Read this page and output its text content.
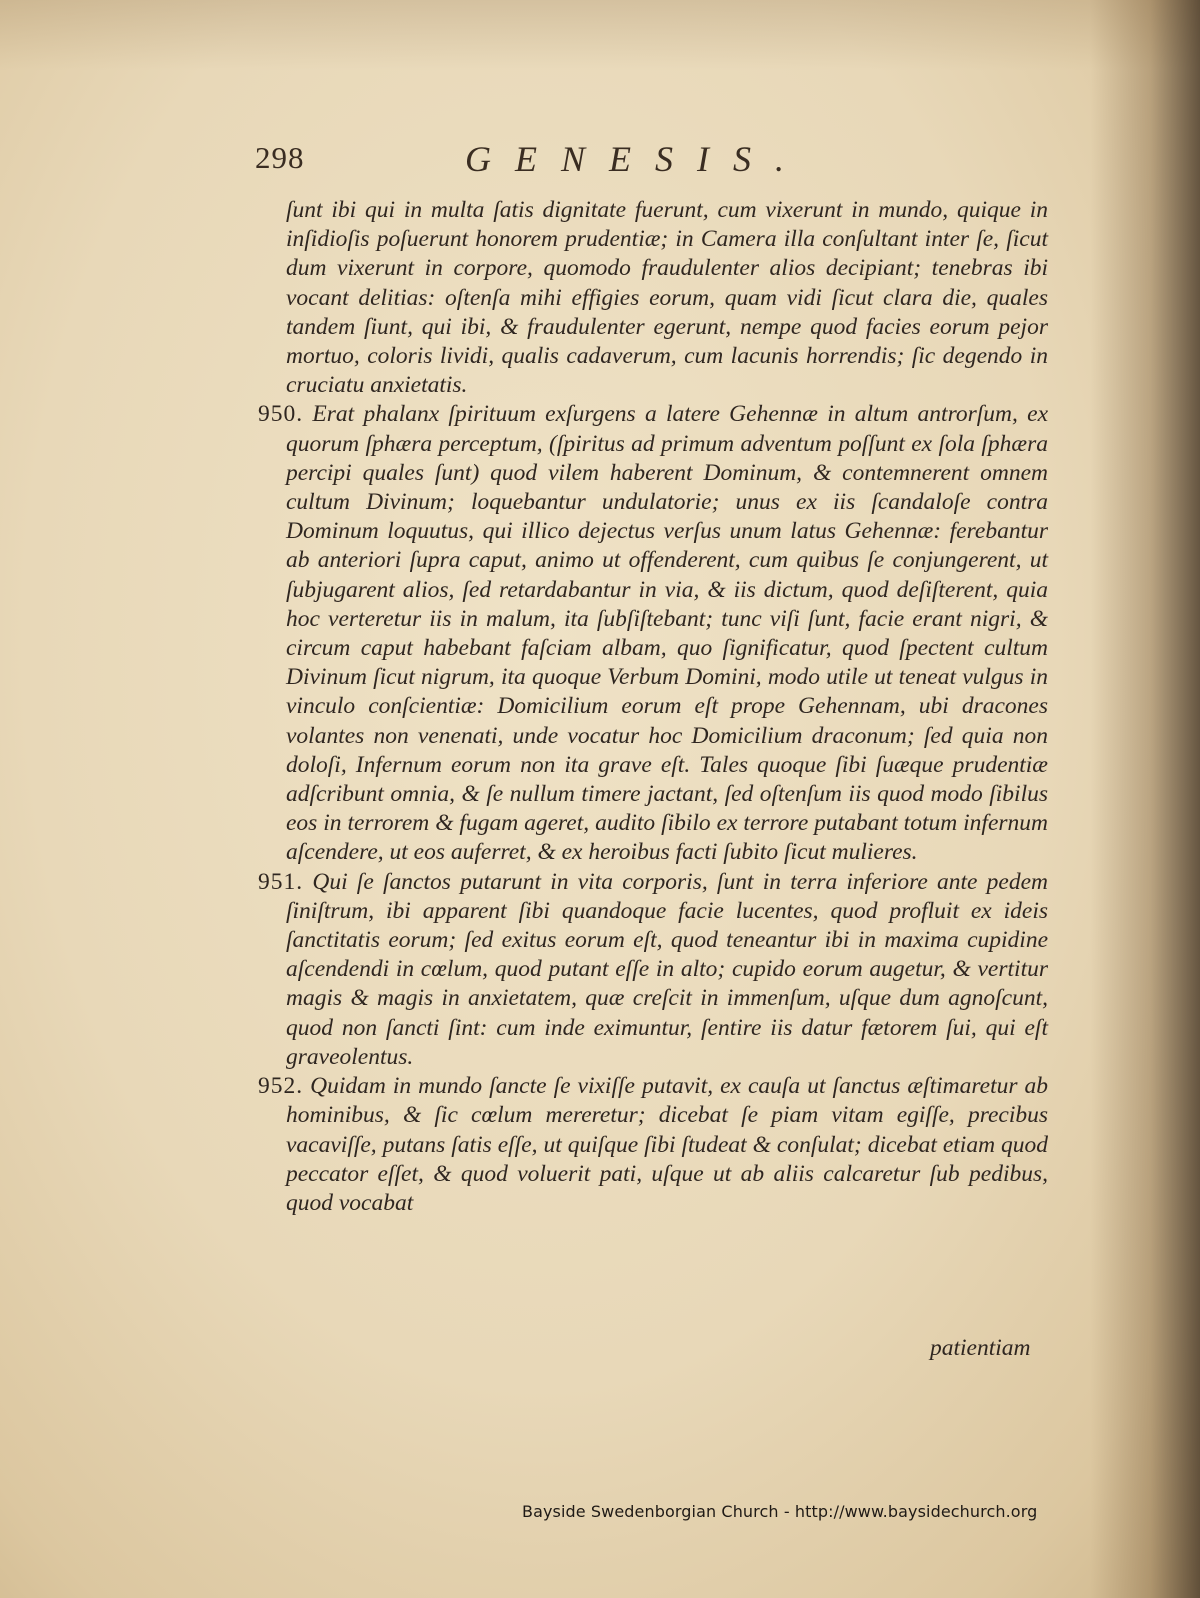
298	GENESIS.

ſunt ibi qui in multa ſatis dignitate fuerunt, cum vixerunt in mundo, quique in inſidioſis poſuerunt honorem prudentiæ; in Camera illa conſultant inter ſe, ſicut dum vixerunt in corpore, quomodo fraudulenter alios decipiant; tenebras ibi vocant delitias: oſtenſa mihi effigies eorum, quam vidi ſicut clara die, quales tandem ſiunt, qui ibi, & fraudulenter egerunt, nempe quod facies eorum pejor mortuo, coloris lividi, qualis cadaverum, cum lacunis horrendis; ſic degendo in cruciatu anxietatis.

950. Erat phalanx ſpirituum exſurgens a latere Gehennæ in altum antrorſum, ex quorum ſphæra perceptum, (ſpiritus ad primum adventum poſſunt ex ſola ſphæra percipi quales ſunt) quod vilem haberent Dominum, & contemnerent omnem cultum Divinum; loquebantur undulatorie; unus ex iis ſcandaloſe contra Dominum loquutus, qui illico dejectus verſus unum latus Gehennæ: ferebantur ab anteriori ſupra caput, animo ut offenderent, cum quibus ſe conjungerent, ut ſubjugarent alios, ſed retardabantur in via, & iis dictum, quod deſiſterent, quia hoc verteretur iis in malum, ita ſubſiſtebant; tunc viſi ſunt, facie erant nigri, & circum caput habebant faſciam albam, quo ſignificatur, quod ſpectent cultum Divinum ſicut nigrum, ita quoque Verbum Domini, modo utile ut teneat vulgus in vinculo conſcientiæ: Domicilium eorum eſt prope Gehennam, ubi dracones volantes non venenati, unde vocatur hoc Domicilium draconum; ſed quia non doloſi, Infernum eorum non ita grave eſt. Tales quoque ſibi ſuæque prudentiæ adſcribunt omnia, & ſe nullum timere jactant, ſed oſtenſum iis quod modo ſibilus eos in terrorem & fugam ageret, audito ſibilo ex terrore putabant totum infernum aſcendere, ut eos auferret, & ex heroibus facti ſubito ſicut mulieres.

951. Qui ſe ſanctos putarunt in vita corporis, ſunt in terra inferiore ante pedem ſiniſtrum, ibi apparent ſibi quandoque facie lucentes, quod profluit ex ideis ſanctitatis eorum; ſed exitus eorum eſt, quod teneantur ibi in maxima cupidine aſcendendi in cœlum, quod putant eſſe in alto; cupido eorum augetur, & vertitur magis & magis in anxietatem, quæ creſcit in immenſum, uſque dum agnoſcunt, quod non ſancti ſint: cum inde eximuntur, ſentire iis datur fætorem ſui, qui eſt graveolentus.

952. Quidam in mundo ſancte ſe vixiſſe putavit, ex cauſa ut ſanctus æſtimaretur ab hominibus, & ſic cœlum mereretur; dicebat ſe piam vitam egiſſe, precibus vacaviſſe, putans ſatis eſſe, ut quiſque ſibi ſtudeat & conſulat; dicebat etiam quod peccator eſſet, & quod voluerit pati, uſque ut ab aliis calcaretur ſub pedibus, quod vocabat

patientiam
Bayside Swedenborgian Church - http://www.baysidechurch.org
